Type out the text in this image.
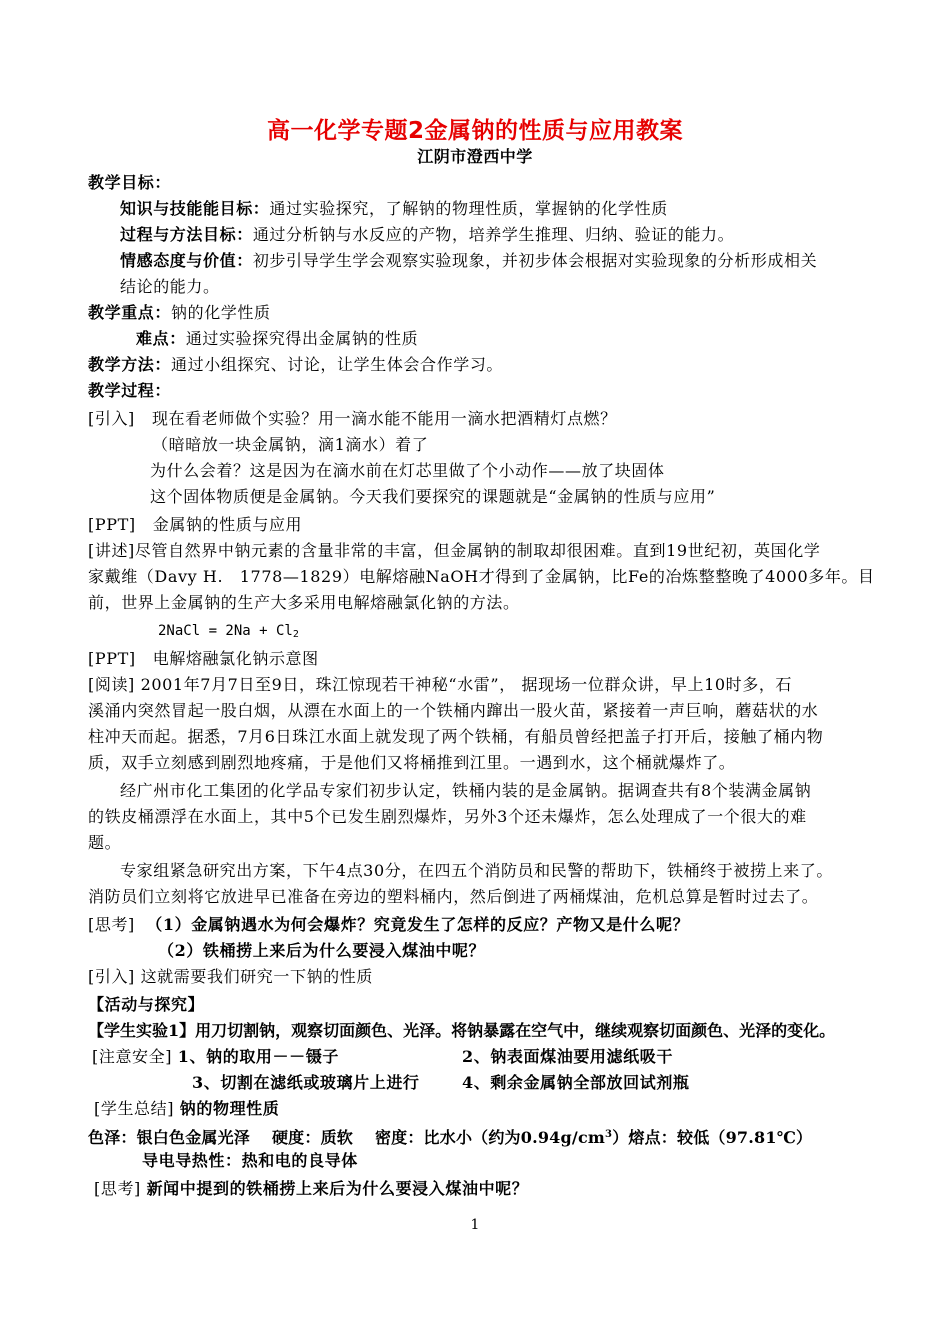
高一化学专题2金属钠的性质与应用教案
江阴市澄西中学
教学目标：
知识与技能能目标：通过实验探究，了解钠的物理性质，掌握钠的化学性质
过程与方法目标：通过分析钠与水反应的产物，培养学生推理、归纳、验证的能力。
情感态度与价值：初步引导学生学会观察实验现象，并初步体会根据对实验现象的分析形成相关
结论的能力。
教学重点：钠的化学性质
难点：通过实验探究得出金属钠的性质
教学方法：通过小组探究、讨论，让学生体会合作学习。
教学过程：
[引入] 现在看老师做个实验？用一滴水能不能用一滴水把酒精灯点燃？
（暗暗放一块金属钠，滴1滴水）着了
为什么会着？这是因为在滴水前在灯芯里做了个小动作——放了块固体
这个固体物质便是金属钠。今天我们要探究的课题就是“金属钠的性质与应用”
[PPT] 金属钠的性质与应用
[讲述]尽管自然界中钠元素的含量非常的丰富，但金属钠的制取却很困难。直到19世纪初，英国化学
家戴维（Davy H.　1778—1829）电解熔融NaOH才得到了金属钠，比Fe的冶炼整整晚了4000多年。目
前，世界上金属钠的生产大多采用电解熔融氯化钠的方法。
2NaCl = $2Na + Cl_2$
[PPT] 电解熔融氯化钠示意图
[阅读] 2001年7月7日至9日，珠江惊现若干神秘“水雷”， 据现场一位群众讲，早上10时多，石
溪涌内突然冒起一股白烟，从漂在水面上的一个铁桶内蹿出一股火苗，紧接着一声巨响，蘑菇状的水
柱冲天而起。据悉，7月6日珠江水面上就发现了两个铁桶，有船员曾经把盖子打开后，接触了桶内物
质，双手立刻感到剧烈地疼痛，于是他们又将桶推到江里。一遇到水，这个桶就爆炸了。
经广州市化工集团的化学品专家们初步认定，铁桶内装的是金属钠。据调查共有8个装满金属钠
的铁皮桶漂浮在水面上，其中5个已发生剧烈爆炸，另外3个还未爆炸，怎么处理成了一个很大的难
题。
专家组紧急研究出方案，下午4点30分，在四五个消防员和民警的帮助下，铁桶终于被捞上来了。
消防员们立刻将它放进早已准备在旁边的塑料桶内，然后倒进了两桶煤油，危机总算是暂时过去了。
[思考] （1）金属钠遇水为何会爆炸？究竟发生了怎样的反应？产物又是什么呢？
（2）铁桶捞上来后为什么要浸入煤油中呢？
[引入] 这就需要我们研究一下钠的性质
【活动与探究】
【学生实验1】用刀切割钠，观察切面颜色、光泽。将钠暴露在空气中，继续观察切面颜色、光泽的变化。
[注意安全] 1、钠的取用－－镊子	2、钠表面煤油要用滤纸吸干
3、切割在滤纸或玻璃片上进行	4、剩余金属钠全部放回试剂瓶
[学生总结] 钠的物理性质
色泽：银白色金属光泽　 硬度：质软　 密度：比水小（约为$0.94g/cm^3$）熔点：较低（97.81℃）
导电导热性：热和电的良导体
[思考] 新闻中提到的铁桶捞上来后为什么要浸入煤油中呢？
1
